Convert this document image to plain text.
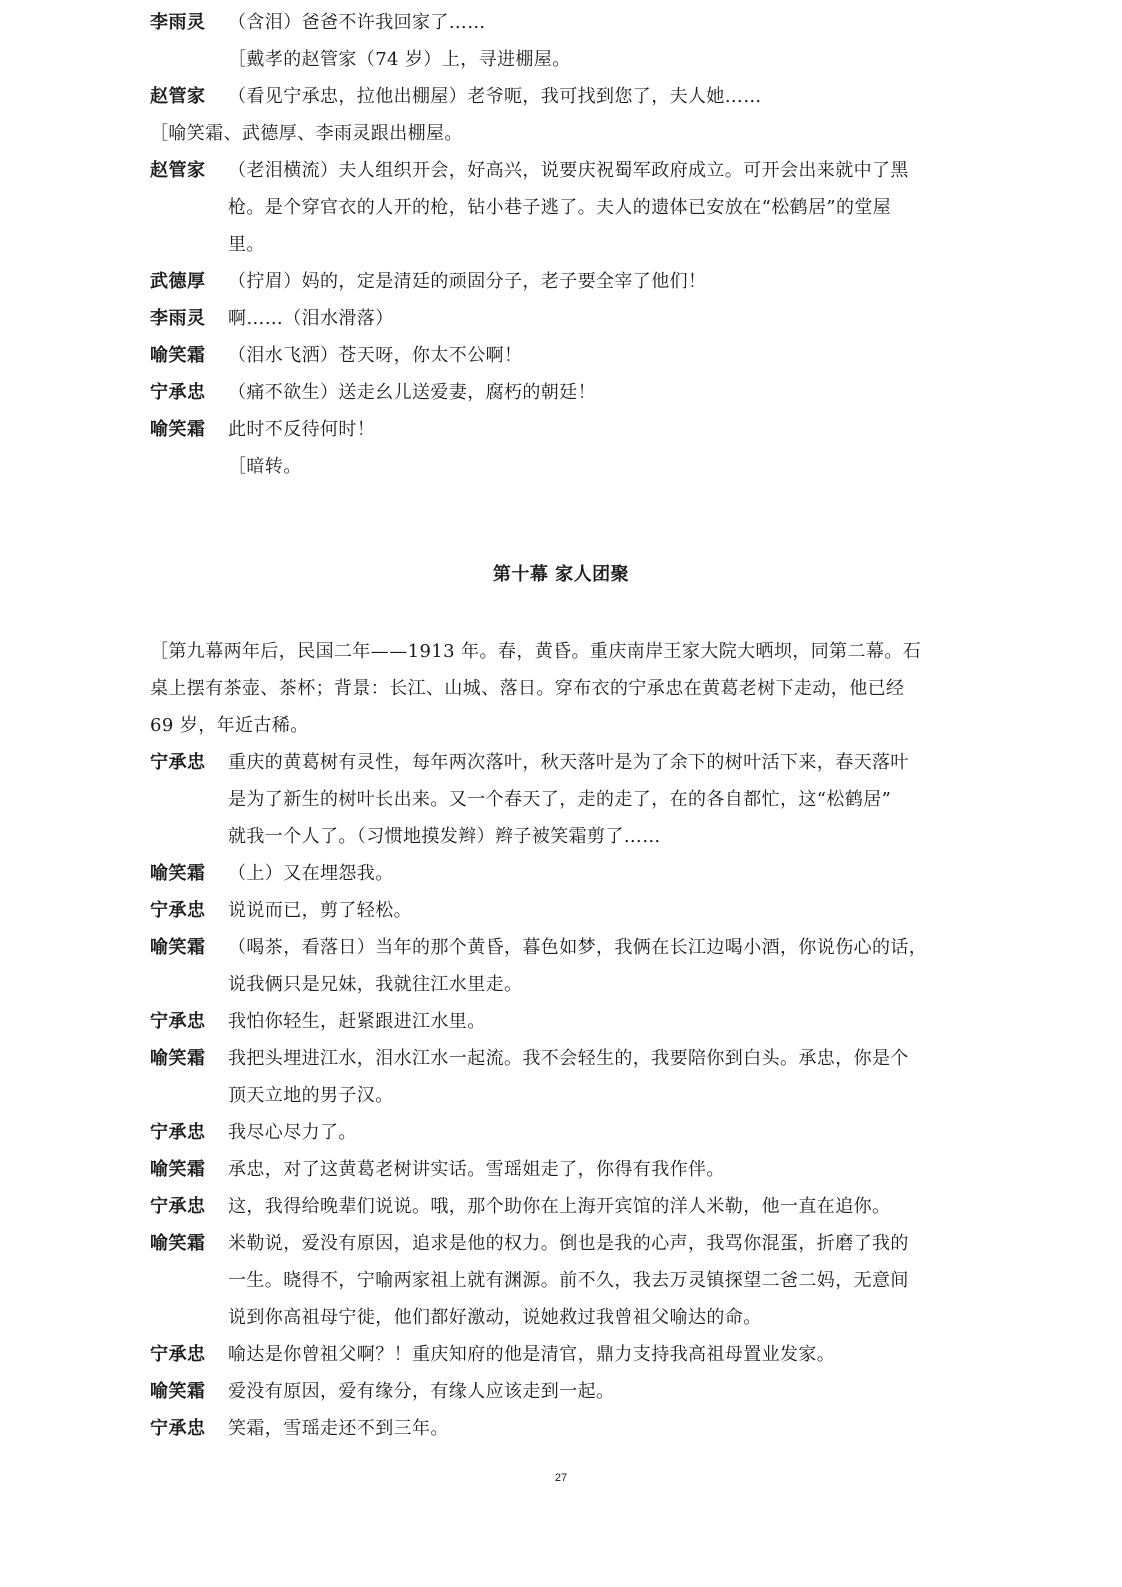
李雨灵	（含泪）爸爸不许我回家了……
［戴孝的赵管家（74 岁）上，寻进棚屋。
赵管家	（看见宁承忠，拉他出棚屋）老爷呃，我可找到您了，夫人她……
［喻笑霜、武德厚、李雨灵跟出棚屋。
赵管家	（老泪横流）夫人组织开会，好高兴，说要庆祝蜀军政府成立。可开会出来就中了黑
枪。是个穿官衣的人开的枪，钻小巷子逃了。夫人的遗体已安放在“松鹤居”的堂屋
里。
武德厚	（拧眉）妈的，定是清廷的顽固分子，老子要全宰了他们！
李雨灵	啊……（泪水滑落）
喻笑霜	（泪水飞洒）苍天呀，你太不公啊！
宁承忠	（痛不欲生）送走幺儿送爱妻，腐朽的朝廷！
喻笑霜	此时不反待何时！
［暗转。
第十幕 家人团聚
［第九幕两年后，民国二年——1913 年。春，黄昏。重庆南岸王家大院大晒坝，同第二幕。石
桌上摆有茶壶、茶杯；背景：长江、山城、落日。穿布衣的宁承忠在黄葛老树下走动，他已经
69 岁，年近古稀。
宁承忠	重庆的黄葛树有灵性，每年两次落叶，秋天落叶是为了余下的树叶活下来，春天落叶
是为了新生的树叶长出来。又一个春天了，走的走了，在的各自都忙，这“松鹤居”
就我一个人了。（习惯地摸发辫）辫子被笑霜剪了……
喻笑霜	（上）又在埋怨我。
宁承忠	说说而已，剪了轻松。
喻笑霜	（喝茶，看落日）当年的那个黄昏，暮色如梦，我俩在长江边喝小酒，你说伤心的话，
说我俩只是兄妹，我就往江水里走。
宁承忠	我怕你轻生，赶紧跟进江水里。
喻笑霜	我把头埋进江水，泪水江水一起流。我不会轻生的，我要陪你到白头。承忠，你是个
顶天立地的男子汉。
宁承忠	我尽心尽力了。
喻笑霜	承忠，对了这黄葛老树讲实话。雪瑶姐走了，你得有我作伴。
宁承忠	这，我得给晚辈们说说。哦，那个助你在上海开宾馆的洋人米勒，他一直在追你。
喻笑霜	米勒说，爱没有原因，追求是他的权力。倒也是我的心声，我骂你混蛋，折磨了我的
一生。晓得不，宁喻两家祖上就有渊源。前不久，我去万灵镇探望二爸二妈，无意间
说到你高祖母宁徙，他们都好激动，说她救过我曾祖父喻达的命。
宁承忠	喻达是你曾祖父啊？！重庆知府的他是清官，鼎力支持我高祖母置业发家。
喻笑霜	爱没有原因，爱有缘分，有缘人应该走到一起。
宁承忠	笑霜，雪瑶走还不到三年。
27
